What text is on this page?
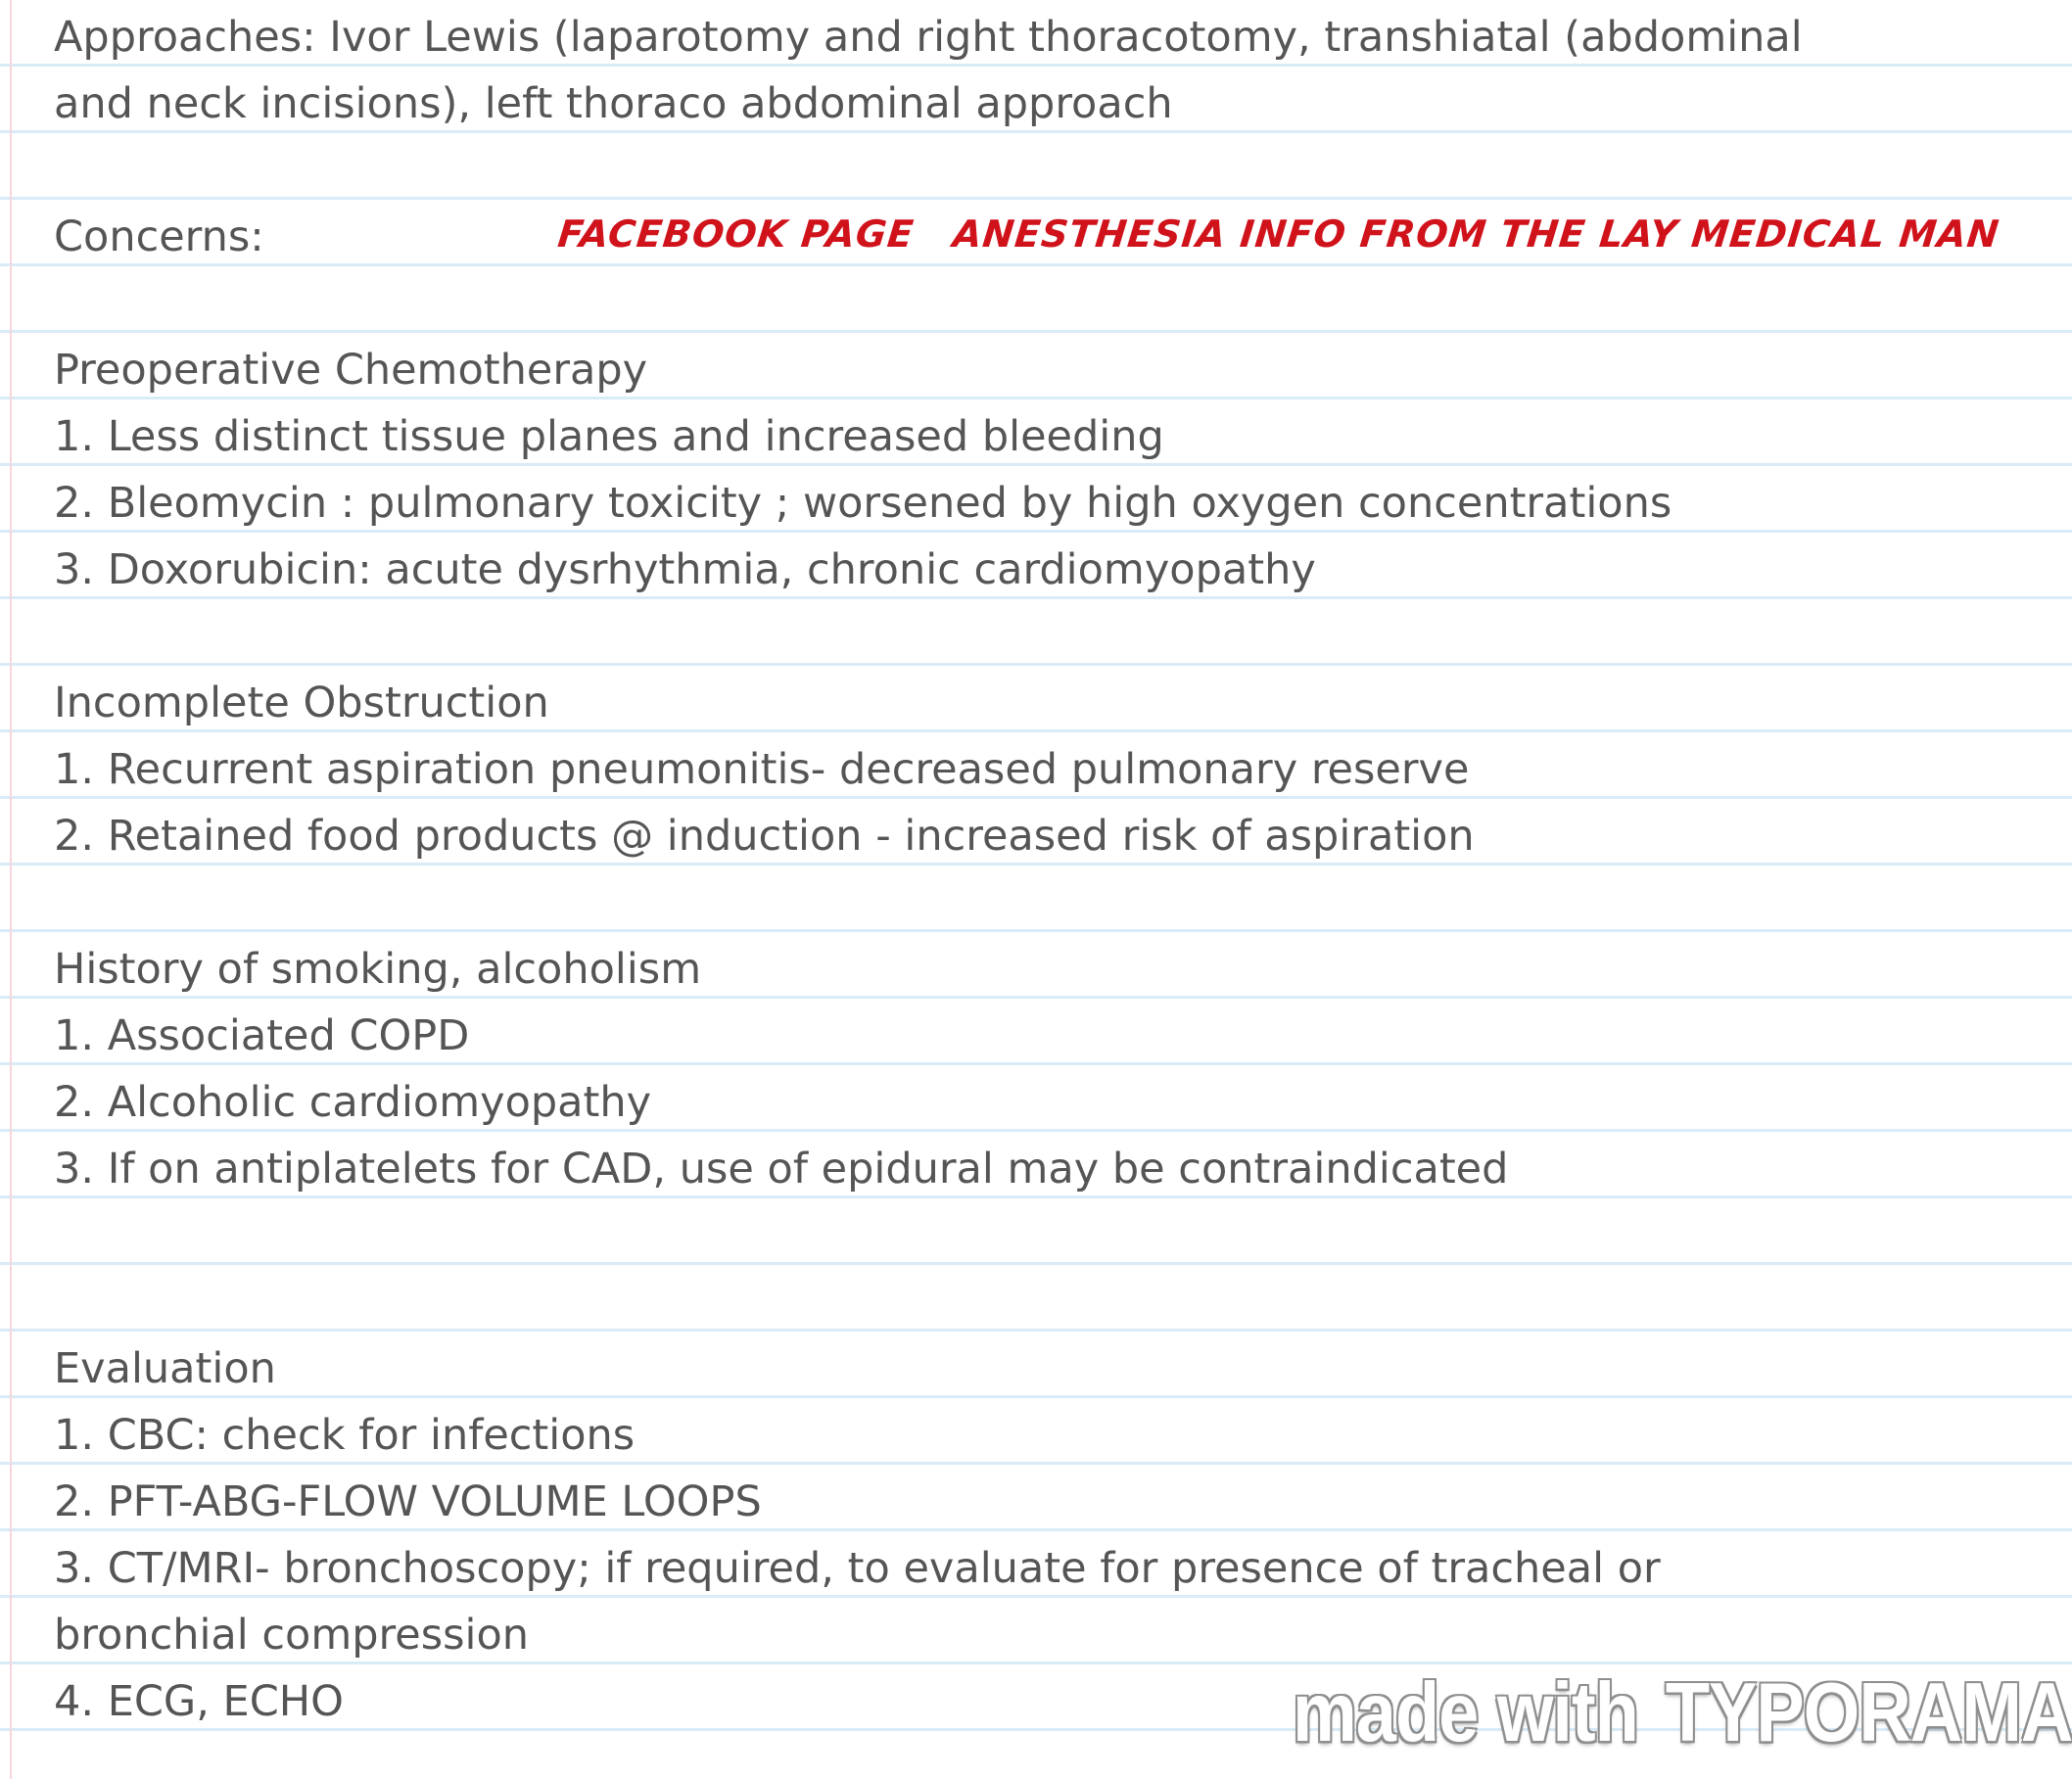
Approaches: Ivor Lewis (laparotomy and right thoracotomy, transhiatal (abdominal
and neck incisions), left thoraco abdominal approach
Concerns:
Preoperative Chemotherapy
1. Less distinct tissue planes and increased bleeding
2. Bleomycin : pulmonary toxicity ; worsened by high oxygen concentrations
3. Doxorubicin: acute dysrhythmia, chronic cardiomyopathy
Incomplete Obstruction
1. Recurrent aspiration pneumonitis- decreased pulmonary reserve
2. Retained food products @ induction - increased risk of aspiration
History of smoking, alcoholism
1. Associated COPD
2. Alcoholic cardiomyopathy
3. If on antiplatelets for CAD, use of epidural may be contraindicated
Evaluation
1. CBC: check for infections
2. PFT-ABG-FLOW VOLUME LOOPS
3. CT/MRI- bronchoscopy; if required, to evaluate for presence of tracheal or
bronchial compression
4. ECG, ECHO
FACEBOOK PAGE ANESTHESIA INFO FROM THE LAY MEDICAL MAN
made with TYPORAMA
